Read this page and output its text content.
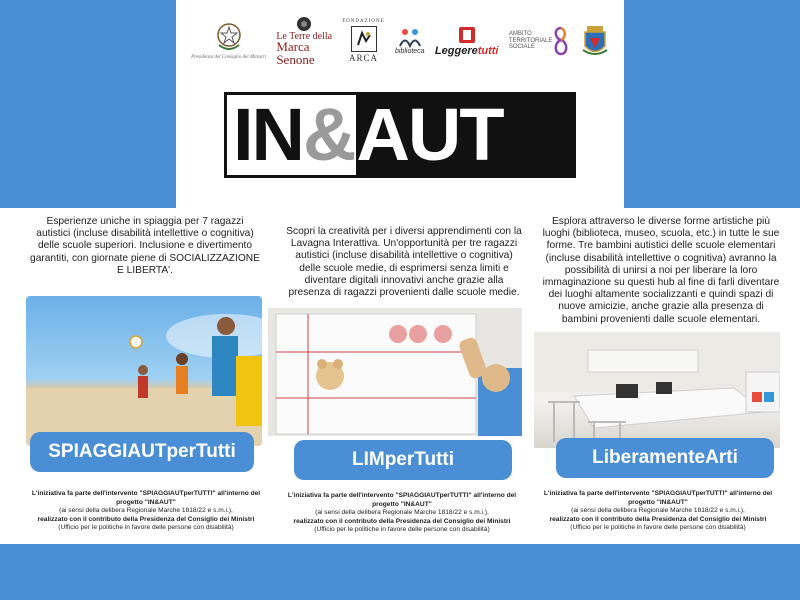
Presidenza del Consiglio dei Ministri
Le Terre della
Marca
Senone
FONDAZIONE
ARCA
biblioteca Leggeretutti
AMBITO
TERRITORIALE
SOCIALE
IN & AUT

Esperienze uniche in spiaggia per 7 ragazzi autistici (incluse disabilità intellettive o cognitiva) delle scuole superiori. Inclusione e divertimento garantiti, con giornate piene di SOCIALIZZAZIONE E LIBERTA'.

Scopri la creatività per i diversi apprendimenti con la Lavagna Interattiva. Un'opportunità per tre ragazzi autistici (incluse disabilità intellettive o cognitiva) delle scuole medie, di esprimersi senza limiti e diventare digitali innovativi anche grazie alla presenza di ragazzi provenienti dalle scuole medie.

Esplora attraverso le diverse forme artistiche più luoghi (biblioteca, museo, scuola, etc.) in tutte le sue forme. Tre bambini autistici delle scuole elementari (incluse disabilità intellettive o cognitiva) avranno la possibilità di unirsi a noi per liberare la loro immaginazione su questi hub al fine di farli diventare dei luoghi altamente socializzanti e quindi spazi di nuove amicizie, anche grazie alla presenza di bambini provenienti dalle scuole elementari.

SPIAGGIAUTperTutti	LIMperTutti	LiberamenteArti
L'iniziativa fa parte dell'intervento "SPIAGGIAUTperTUTTI" all'interno del progetto "IN&AUT"
(ai sensi della delibera Regionale Marche 1818/22 e s.m.i.),
realizzato con il contributo della Presidenza del Consiglio dei Ministri
(Ufficio per le politiche in favore delle persone con disabilità)
L'iniziativa fa parte dell'intervento "SPIAGGIAUTperTUTTI" all'interno del progetto "IN&AUT"
(ai sensi della delibera Regionale Marche 1818/22 e s.m.i.),
realizzato con il contributo della Presidenza del Consiglio dei Ministri
(Ufficio per le politiche in favore delle persone con disabilità)
L'iniziativa fa parte dell'intervento "SPIAGGIAUTperTUTTI" all'interno del progetto "IN&AUT"
(ai sensi della delibera Regionale Marche 1818/22 e s.m.i.),
realizzato con il contributo della Presidenza del Consiglio dei Ministri
(Ufficio per le politiche in favore delle persone con disabilità)
